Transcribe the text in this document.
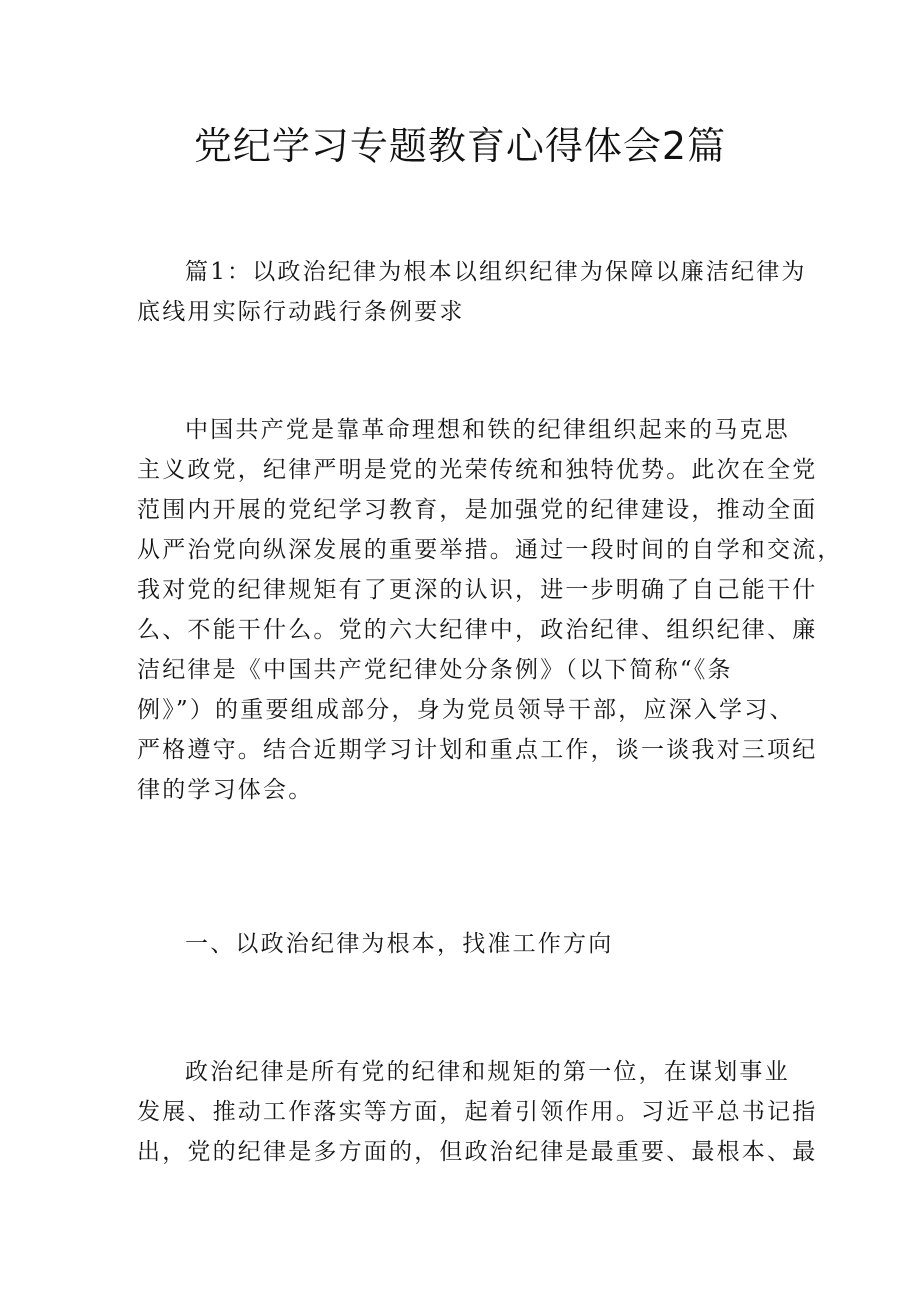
党纪学习专题教育心得体会2篇
篇1：以政治纪律为根本以组织纪律为保障以廉洁纪律为
底线用实际行动践行条例要求
中国共产党是靠革命理想和铁的纪律组织起来的马克思
主义政党，纪律严明是党的光荣传统和独特优势。此次在全党
范围内开展的党纪学习教育，是加强党的纪律建设，推动全面
从严治党向纵深发展的重要举措。通过一段时间的自学和交流，
我对党的纪律规矩有了更深的认识，进一步明确了自己能干什
么、不能干什么。党的六大纪律中，政治纪律、组织纪律、廉
洁纪律是《中国共产党纪律处分条例》（以下简称“《条
例》”）的重要组成部分，身为党员领导干部，应深入学习、
严格遵守。结合近期学习计划和重点工作，谈一谈我对三项纪
律的学习体会。
一、以政治纪律为根本，找准工作方向
政治纪律是所有党的纪律和规矩的第一位，在谋划事业
发展、推动工作落实等方面，起着引领作用。习近平总书记指
出，党的纪律是多方面的，但政治纪律是最重要、最根本、最
